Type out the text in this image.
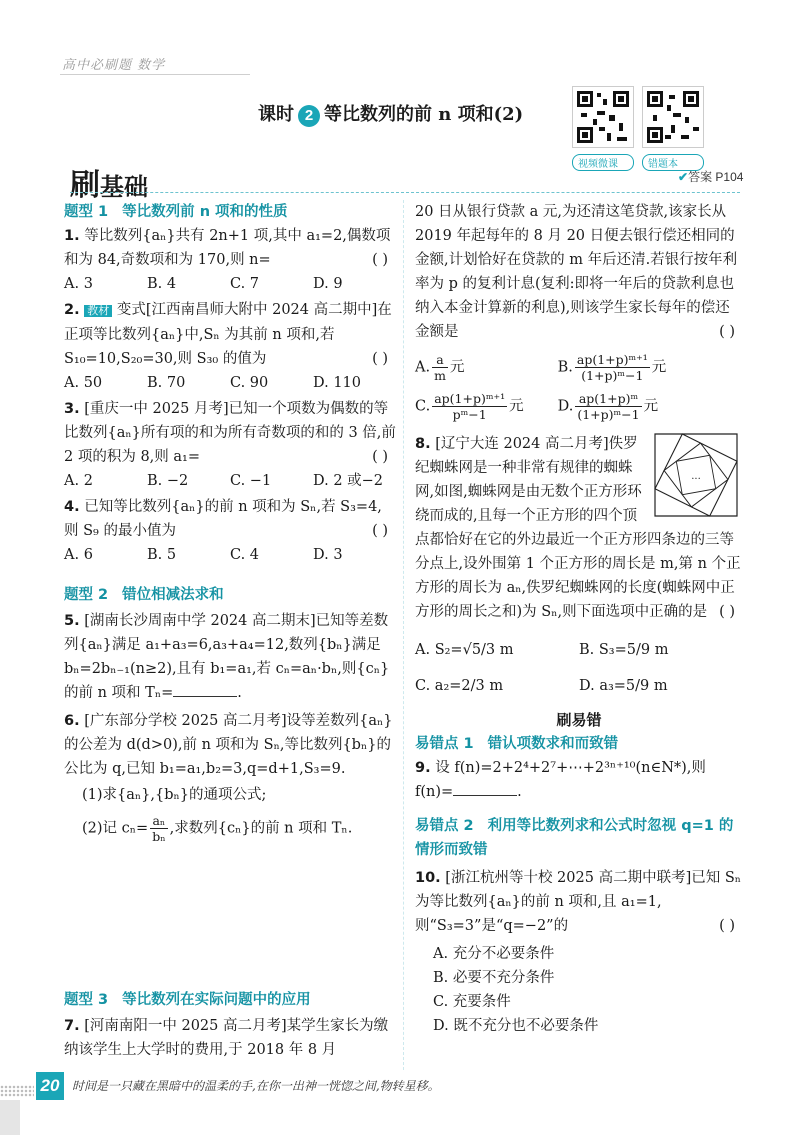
高中必刷题 数学
课时 2 等比数列的前 n 项和(2)
视频微课	错题本
刷基础	✔答案 P104
题型 1 等比数列前 n 项和的性质
1. 等比数列{aₙ}共有 2n+1 项,其中 a₁=2,偶数项和为 84,奇数项和为 170,则 n=	( )
A. 3	B. 4	C. 7	D. 9
2. 教材 变式[江西南昌师大附中 2024 高二期中]在正项等比数列{aₙ}中,Sₙ 为其前 n 项和,若 S₁₀=10,S₂₀=30,则 S₃₀ 的值为	( )
A. 50	B. 70	C. 90	D. 110
3. [重庆一中 2025 月考]已知一个项数为偶数的等比数列{aₙ}所有项的和为所有奇数项的和的 3 倍,前 2 项的积为 8,则 a₁=	( )
A. 2	B. −2	C. −1	D. 2 或−2
4. 已知等比数列{aₙ}的前 n 项和为 Sₙ,若 S₃=4,则 S₉ 的最小值为	( )
A. 6	B. 5	C. 4	D. 3
题型 2 错位相减法求和
5. [湖南长沙周南中学 2024 高二期末]已知等差数列{aₙ}满足 a₁+a₃=6,a₃+a₄=12,数列{bₙ}满足 bₙ=2bₙ₋₁(n≥2),且有 b₁=a₁,若 cₙ=aₙ·bₙ,则{cₙ}的前 n 项和 Tₙ=	.
6. [广东部分学校 2025 高二月考]设等差数列{aₙ}的公差为 d(d>0),前 n 项和为 Sₙ,等比数列{bₙ}的公比为 q,已知 b₁=a₁,b₂=3,q=d+1,S₃=9.
(1)求{aₙ},{bₙ}的通项公式;
(2)记 $c_n= \frac{\text{aₙ}}{\text{bₙ}}$ ,求数列{cₙ}的前 n 项和 Tₙ.
题型 3 等比数列在实际问题中的应用
7. [河南南阳一中 2025 高二月考]某学生家长为缴纳该学生上大学时的费用,于 2018 年 8 月
20 日从银行贷款 a 元,为还清这笔贷款,该家长从 2019 年起每年的 8 月 20 日便去银行偿还相同的金额,计划恰好在贷款的 m 年后还清.若银行按年利率为 p 的复利计息(复利:即将一年后的贷款利息也纳入本金计算新的利息),则该学生家长每年的偿还金额是	( )
A. $\frac{a}{m}$ 元	B. $\frac{\text{ap(1+p)ᵐ⁺¹}}{\text{(1+p)ᵐ−1}}$ 元
C. $\frac{\text{ap(1+p)ᵐ⁺¹}}{\text{pᵐ−1}}$ 元	D. $\frac{\text{ap(1+p)ᵐ}}{\text{(1+p)ᵐ−1}}$ 元
...
8. [辽宁大连 2024 高二月考]佚罗纪蜘蛛网是一种非常有规律的蜘蛛网,如图,蜘蛛网是由无数个正方形环绕而成的,且每一个正方形的四个顶点都恰好在它的外边最近一个正方形四条边的三等分点上,设外围第 1 个正方形的周长是 m,第 n 个正方形的周长为 aₙ,佚罗纪蜘蛛网的长度(蜘蛛网中正方形的周长之和)为 Sₙ,则下面选项中正确的是 ( )
A. S₂=√5/3 m	B. S₃=5/9 m
C. a₂=2/3 m	D. a₃=5/9 m
刷易错
易错点 1 错认项数求和而致错
9. 设 f(n)=2+2⁴+2⁷+⋯+2³ⁿ⁺¹⁰(n∈N*),则 f(n)=	.
易错点 2 利用等比数列求和公式时忽视 q=1 的情形而致错
10. [浙江杭州等十校 2025 高二期中联考]已知 Sₙ 为等比数列{aₙ}的前 n 项和,且 a₁=1,则“S₃=3”是“q=−2”的	( )
A. 充分不必要条件
B. 必要不充分条件
C. 充要条件
D. 既不充分也不必要条件
20	时间是一只藏在黑暗中的温柔的手,在你一出神一恍惚之间,物转星移。
